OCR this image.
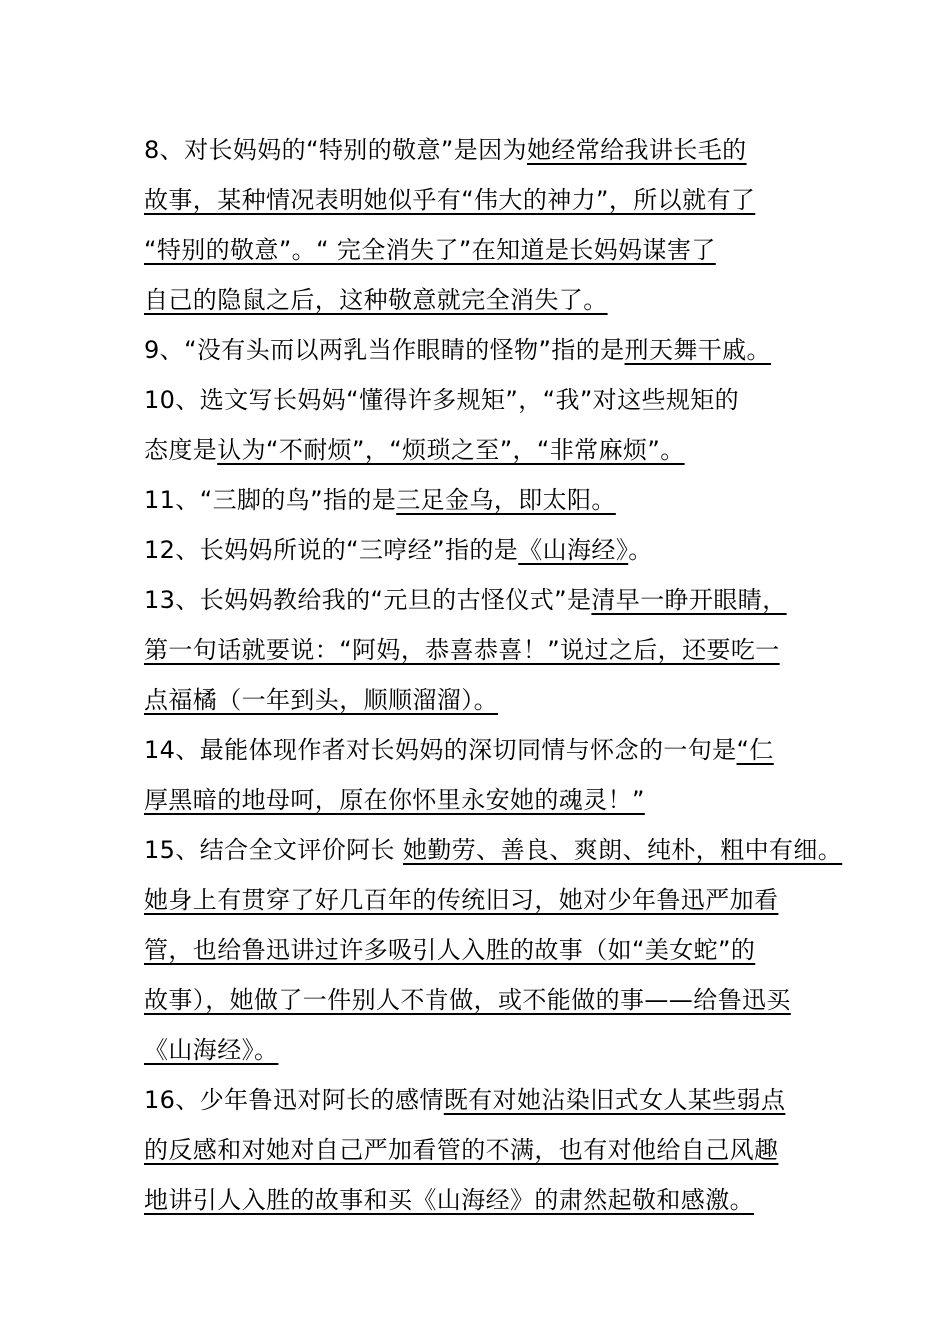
8、对长妈妈的“特别的敬意”是因为她经常给我讲长毛的
故事，某种情况表明她似乎有“伟大的神力”，所以就有了
“特别的敬意”。“ 完全消失了”在知道是长妈妈谋害了
自己的隐鼠之后，这种敬意就完全消失了。
9、“没有头而以两乳当作眼睛的怪物”指的是刑天舞干戚。
10、选文写长妈妈“懂得许多规矩”，“我”对这些规矩的
态度是认为“不耐烦”，“烦琐之至”，“非常麻烦”。
11、“三脚的鸟”指的是三足金乌，即太阳。
12、长妈妈所说的“三哼经”指的是《山海经》。
13、长妈妈教给我的“元旦的古怪仪式”是清早一睁开眼睛，
第一句话就要说：“阿妈，恭喜恭喜！”说过之后，还要吃一
点福橘（一年到头，顺顺溜溜）。
14、最能体现作者对长妈妈的深切同情与怀念的一句是“仁
厚黑暗的地母呵，原在你怀里永安她的魂灵！”
15、结合全文评价阿长 她勤劳、善良、爽朗、纯朴，粗中有细。
她身上有贯穿了好几百年的传统旧习，她对少年鲁迅严加看
管，也给鲁迅讲过许多吸引人入胜的故事（如“美女蛇”的
故事），她做了一件别人不肯做，或不能做的事——给鲁迅买
《山海经》。
16、少年鲁迅对阿长的感情既有对她沾染旧式女人某些弱点
的反感和对她对自己严加看管的不满，也有对他给自己风趣
地讲引人入胜的故事和买《山海经》的肃然起敬和感激。
